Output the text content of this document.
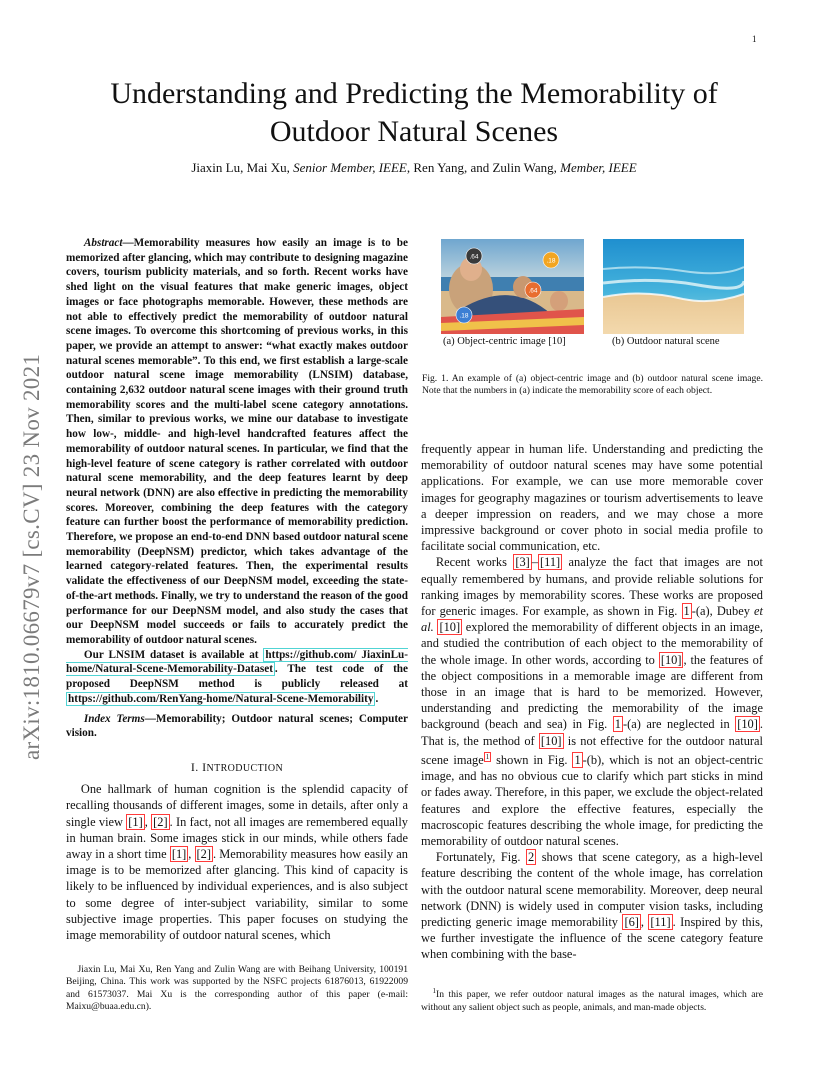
1
arXiv:1810.06679v7 [cs.CV] 23 Nov 2021
Understanding and Predicting the Memorability of
Outdoor Natural Scenes
Jiaxin Lu, Mai Xu, Senior Member, IEEE, Ren Yang, and Zulin Wang, Member, IEEE

Abstract—Memorability measures how easily an image is to be memorized after glancing, which may contribute to designing magazine covers, tourism publicity materials, and so forth. Recent works have shed light on the visual features that make generic images, object images or face photographs memorable. However, these methods are not able to effectively predict the memorability of outdoor natural scene images. To overcome this shortcoming of previous works, in this paper, we provide an attempt to answer: “what exactly makes outdoor natural scenes memorable”. To this end, we first establish a large-scale outdoor natural scene image memorability (LNSIM) database, containing 2,632 outdoor natural scene images with their ground truth memorability scores and the multi-label scene category annotations. Then, similar to previous works, we mine our database to investigate how low-, middle- and high-level handcrafted features affect the memorability of outdoor natural scenes. In particular, we find that the high-level feature of scene category is rather correlated with outdoor natural scene memorability, and the deep features learnt by deep neural network (DNN) are also effective in predicting the memorability scores. Moreover, combining the deep features with the category feature can further boost the performance of memorability prediction. Therefore, we propose an end-to-end DNN based outdoor natural scene memorability (DeepNSM) predictor, which takes advantage of the learned category-related features. Then, the experimental results validate the effectiveness of our DeepNSM model, exceeding the state-of-the-art methods. Finally, we try to understand the reason of the good performance for our DeepNSM model, and also study the cases that our DeepNSM model succeeds or fails to accurately predict the memorability of outdoor natural scenes.

Our LNSIM dataset is available at https://github.com/ JiaxinLu-home/Natural-Scene-Memorability-Dataset . The test code of the proposed DeepNSM method is publicly released at https://github.com/RenYang-home/Natural-Scene-Memorability .

Index Terms—Memorability; Outdoor natural scenes; Computer vision.

I. INTRODUCTION

One hallmark of human cognition is the splendid capacity of recalling thousands of different images, some in details, after only a single view [1] , [2] . In fact, not all images are remembered equally in human brain. Some images stick in our minds, while others fade away in a short time [1] , [2] . Memorability measures how easily an image is to be memorized after glancing. This kind of capacity is likely to be influenced by individual experiences, and is also subject to some degree of inter-subject variability, similar to some subjective image properties. This paper focuses on studying the image memorability of outdoor natural scenes, which

Jiaxin Lu, Mai Xu, Ren Yang and Zulin Wang are with Beihang University, 100191 Beijing, China. This work was supported by the NSFC projects 61876013, 61922009 and 61573037. Mai Xu is the corresponding author of this paper (e-mail: Maixu@buaa.edu.cn).
.64
.18
.64
.18
(a) Object-centric image [10]	(b) Outdoor natural scene
Fig. 1. An example of (a) object-centric image and (b) outdoor natural scene image. Note that the numbers in (a) indicate the memorability score of each object.

frequently appear in human life. Understanding and predicting the memorability of outdoor natural scenes may have some potential applications. For example, we can use more memorable cover images for geography magazines or tourism advertisements to leave a deeper impression on readers, and we may chose a more impressive background or cover photo in social media profile to facilitate social communication, etc.

Recent works [3] – [11] analyze the fact that images are not equally remembered by humans, and provide reliable solutions for ranking images by memorability scores. These works are proposed for generic images. For example, as shown in Fig. 1 -(a), Dubey et al. [10] explored the memorability of different objects in an image, and studied the contribution of each object to the memorability of the whole image. In other words, according to [10] , the features of the object compositions in a memorable image are different from those in an image that is hard to be memorized. However, understanding and predicting the memorability of the image background (beach and sea) in Fig. 1 -(a) are neglected in [10] . That is, the method of [10] is not effective for the outdoor natural scene image $^1$ shown in Fig. 1 -(b), which is not an object-centric image, and has no obvious cue to clarify which part sticks in mind or fades away. Therefore, in this paper, we exclude the object-related features and explore the effective features, especially the macroscopic features describing the whole image, for predicting the memorability of outdoor natural scenes.

Fortunately, Fig. 2 shows that scene category, as a high-level feature describing the content of the whole image, has correlation with the outdoor natural scene memorability. Moreover, deep neural network (DNN) is widely used in computer vision tasks, including predicting generic image memorability [6] , [11] . Inspired by this, we further investigate the influence of the scene category feature when combining with the base-

$^1$In this paper, we refer outdoor natural images as the natural images, which are without any salient object such as people, animals, and man-made objects.
